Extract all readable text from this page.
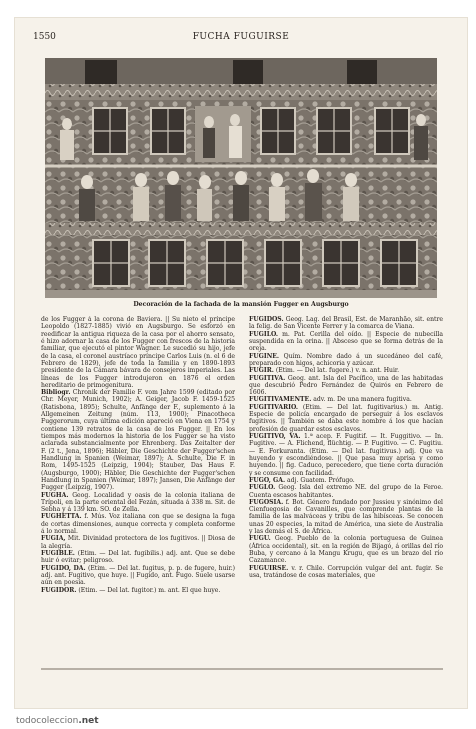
1550	FUCHA FUGUIRSE
Decoración de la fachada de la mansión Fugger en Augsburgo

de los Fugger á la corona de Baviera. || Su nieto el príncipe Leopoldo (1827-1885) vivió en Augsburgo. Se esforzó en reedificar la antigua riqueza de la casa por el ahorro sensato, é hizo adornar la casa de los Fugger con frescos de la historia familiar, que ejecutó el pintor Wagner. Le sucedió su hijo, jefe de la casa, el coronel austríaco príncipe Carlos Luis (n. el 6 de Febrero de 1829), jefe de toda la familia y en 1890-1893 presidente de la Cámara bávara de consejeros imperiales. Las líneas de los Fugger introdujeron en 1876 el orden hereditario de primogenitura.

Bibliogr. Chronik der Familie F. vom Jahre 1599 (editado por Chr. Meyer, Munich, 1902); A. Geiger, Jacob F. 1459-1525 (Ratisbona, 1895); Schulte, Anfänge der F., suplemento á la Allgemeinen Zeitung (núm. 113, 1900); Pinacotheca Fuggerorum, cuya última edición apareció en Viena en 1754 y contiene 139 retratos de la casa de los Fugger. || En los tiempos más modernos la historia de los Fugger se ha visto aclarada substancialmente por Ehrenberg. Das Zeitalter der F. (2 t., Jena, 1896); Häbler, Die Geschichte der Fugger'schen Handlung in Spanien (Weimar, 1897); A. Schulte, Die F. in Rom, 1495-1525 (Leipzig, 1904); Stauber, Das Haus F. (Augsburgo, 1900); Häbler, Die Geschichte der Fugger'schen Handlung in Spanien (Weimar, 1897); Jansen, Die Anfänge der Fugger (Leipzig, 1907).

FUGHA. Geog. Localidad y oasis de la colonia italiana de Trípoli, en la parte oriental del Fezán, situada á 338 m. Sit. de Sebha y á 139 km. SO. de Zella.

FUGHETTA. f. Mús. Voz italiana con que se designa la fuga de cortas dimensiones, aunque correcta y completa conforme á lo normal.

FUGIA, Mit. Divinidad protectora de los fugitivos. || Diosa de la alegría.

FUGIBLE. (Etim. — Del lat. fugibilis.) adj. ant. Que se debe huir ó evitar; peligroso.

FUGIDO, DA. (Etim. — Del lat. fugitus, p. p. de fugere, huir.) adj. ant. Fugitivo, que huye. || Fugido, ant. Fugo. Suele usarse aún en poesía.

FUGIDOR. (Etim. — Del lat. fugitor.) m. ant. El que huye.

FUGIDOS. Geog. Lag. del Brasil, Est. de Maranhão, sit. entre la felig. de San Vicente Ferrer y la comarca de Viana.

FUGILO. m. Pat. Cerilla del oído. || Especie de nubecilla suspendida en la orina. || Absceso que se forma detrás de la oreja.

FUGINE. Quím. Nombre dado á un sucedáneo del café, preparado con higos, achicoria y azúcar.

FUGIR. (Etim. — Del lat. fugere.) v. n. ant. Huir.

FUGITIVA. Geog. ant. Isla del Pacífico, una de las habitadas que descubrió Pedro Fernández de Quirós en Febrero de 1606.

FUGITIVAMENTE. adv. m. De una manera fugitiva.

FUGITIVARIO. (Etim. — Del lat. fugitivarius.) m. Antig. Especie de policía encargado de perseguir á los esclavos fugitivos. || También se daba este nombre á los que hacían profesión de guardar estos esclavos.

FUGITIVO, VA. 1.ª acep. F. Fugitif. — It. Fuggitivo. — In. Fugitive. — A. Flichend, flüchtig. — P. Fugitivo. — C. Fugitiu. — E. Forkuranta. (Etim. — Del lat. fugitivus.) adj. Que va huyendo y escondiéndose. || Que pasa muy aprisa y como huyendo. || fig. Caduco, perecedero, que tiene corta duración y se consume con facilidad.

FUGO, GA. adj. Guatem. Prófugo.

FUGLO. Geog. Isla del extremo NE. del grupo de la Feroe. Cuenta escasos habitantes.

FUGOSIA. f. Bot. Género fundado por Jussieu y sinónimo del Cienfuegosia de Cavanilles, que comprende plantas de la familia de las malváceas y tribu de las hibísceas. Se conocen unas 20 especies, la mitad de América, una siete de Australia y las demás el S. de África.

FUGU. Geog. Pueblo de la colonia portuguesa de Guinea (África occidental), sit. en la región de Bijagó, á orillas del río Buba, y cercano á la Mangu Krugu, que es un brazo del río Cazamance.

FUGUIRSE. v. r. Chile. Corrupción vulgar del ant. fugir. Se usa, tratándose de cosas materiales, que

todocoleccion.net
